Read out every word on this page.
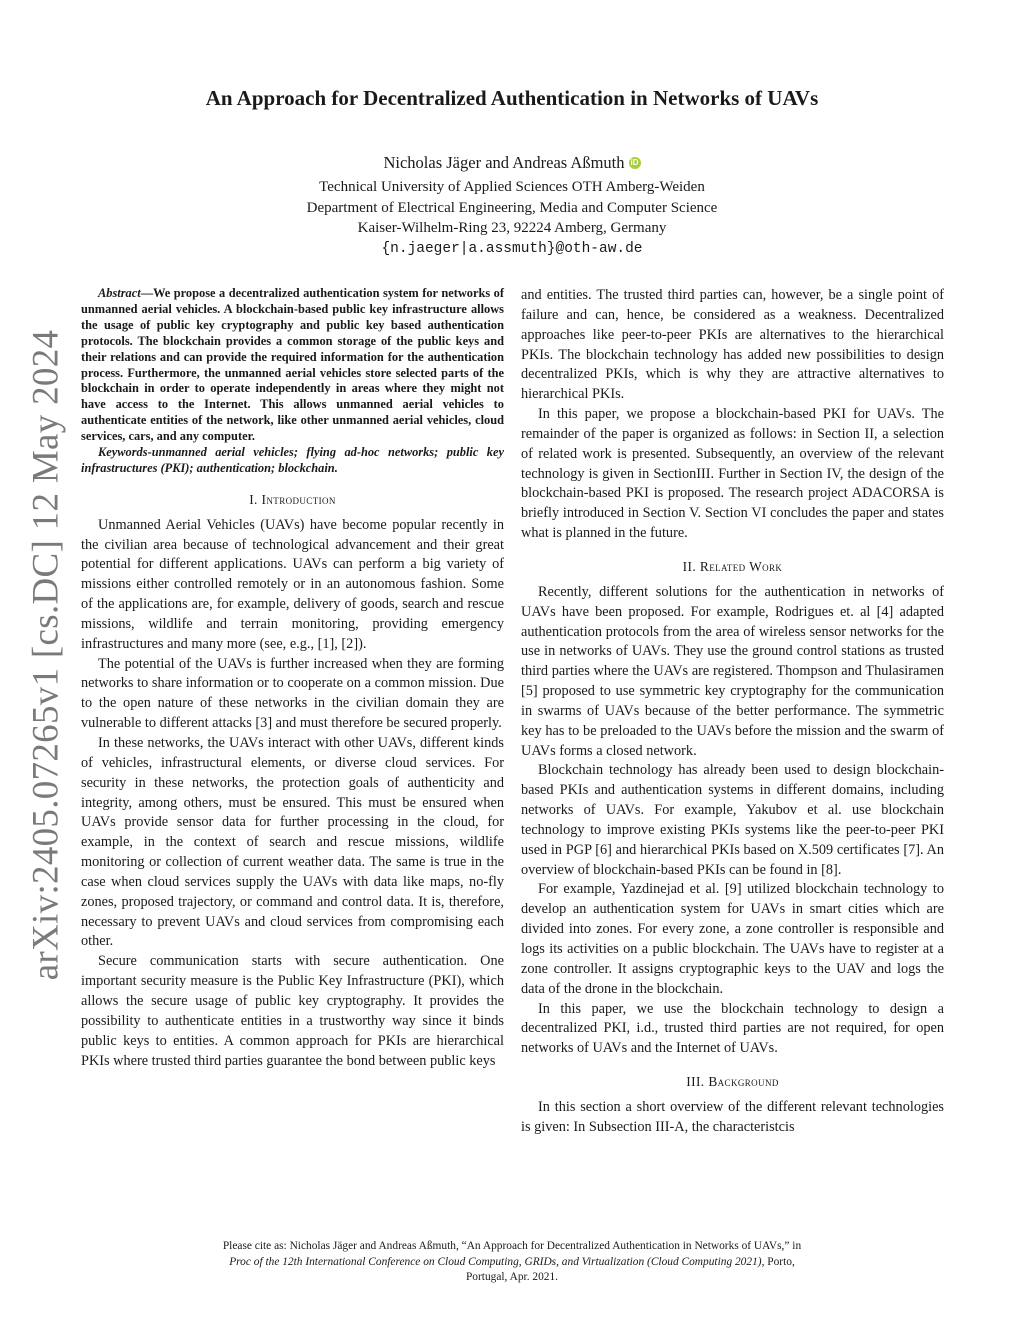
arXiv:2405.07265v1 [cs.DC] 12 May 2024
An Approach for Decentralized Authentication in Networks of UAVs
Nicholas Jäger and Andreas Aßmuth iD
Technical University of Applied Sciences OTH Amberg-Weiden
Department of Electrical Engineering, Media and Computer Science
Kaiser-Wilhelm-Ring 23, 92224 Amberg, Germany
{n.jaeger|a.assmuth}@oth-aw.de

Abstract—We propose a decentralized authentication system for networks of unmanned aerial vehicles. A blockchain-based public key infrastructure allows the usage of public key cryptography and public key based authentication protocols. The blockchain provides a common storage of the public keys and their relations and can provide the required information for the authentication process. Furthermore, the unmanned aerial vehicles store selected parts of the blockchain in order to operate independently in areas where they might not have access to the Internet. This allows unmanned aerial vehicles to authenticate entities of the network, like other unmanned aerial vehicles, cloud services, cars, and any computer.

Keywords-unmanned aerial vehicles; flying ad-hoc networks; public key infrastructures (PKI); authentication; blockchain.

I. Introduction

Unmanned Aerial Vehicles (UAVs) have become popular recently in the civilian area because of technological advancement and their great potential for different applications. UAVs can perform a big variety of missions either controlled remotely or in an autonomous fashion. Some of the applications are, for example, delivery of goods, search and rescue missions, wildlife and terrain monitoring, providing emergency infrastructures and many more (see, e.g., [1], [2]).

The potential of the UAVs is further increased when they are forming networks to share information or to cooperate on a common mission. Due to the open nature of these networks in the civilian domain they are vulnerable to different attacks [3] and must therefore be secured properly.

In these networks, the UAVs interact with other UAVs, different kinds of vehicles, infrastructural elements, or diverse cloud services. For security in these networks, the protection goals of authenticity and integrity, among others, must be ensured. This must be ensured when UAVs provide sensor data for further processing in the cloud, for example, in the context of search and rescue missions, wildlife monitoring or collection of current weather data. The same is true in the case when cloud services supply the UAVs with data like maps, no-fly zones, proposed trajectory, or command and control data. It is, therefore, necessary to prevent UAVs and cloud services from compromising each other.

Secure communication starts with secure authentication. One important security measure is the Public Key Infrastructure (PKI), which allows the secure usage of public key cryptography. It provides the possibility to authenticate entities in a trustworthy way since it binds public keys to entities. A common approach for PKIs are hierarchical PKIs where trusted third parties guarantee the bond between public keys

and entities. The trusted third parties can, however, be a single point of failure and can, hence, be considered as a weakness. Decentralized approaches like peer-to-peer PKIs are alternatives to the hierarchical PKIs. The blockchain technology has added new possibilities to design decentralized PKIs, which is why they are attractive alternatives to hierarchical PKIs.

In this paper, we propose a blockchain-based PKI for UAVs. The remainder of the paper is organized as follows: in Section II, a selection of related work is presented. Subsequently, an overview of the relevant technology is given in SectionIII. Further in Section IV, the design of the blockchain-based PKI is proposed. The research project ADACORSA is briefly introduced in Section V. Section VI concludes the paper and states what is planned in the future.

II. Related Work

Recently, different solutions for the authentication in networks of UAVs have been proposed. For example, Rodrigues et. al [4] adapted authentication protocols from the area of wireless sensor networks for the use in networks of UAVs. They use the ground control stations as trusted third parties where the UAVs are registered. Thompson and Thulasiramen [5] proposed to use symmetric key cryptography for the communication in swarms of UAVs because of the better performance. The symmetric key has to be preloaded to the UAVs before the mission and the swarm of UAVs forms a closed network.

Blockchain technology has already been used to design blockchain-based PKIs and authentication systems in different domains, including networks of UAVs. For example, Yakubov et al. use blockchain technology to improve existing PKIs systems like the peer-to-peer PKI used in PGP [6] and hierarchical PKIs based on X.509 certificates [7]. An overview of blockchain-based PKIs can be found in [8].

For example, Yazdinejad et al. [9] utilized blockchain technology to develop an authentication system for UAVs in smart cities which are divided into zones. For every zone, a zone controller is responsible and logs its activities on a public blockchain. The UAVs have to register at a zone controller. It assigns cryptographic keys to the UAV and logs the data of the drone in the blockchain.

In this paper, we use the blockchain technology to design a decentralized PKI, i.d., trusted third parties are not required, for open networks of UAVs and the Internet of UAVs.

III. Background

In this section a short overview of the different relevant technologies is given: In Subsection III-A, the characteristcis

Please cite as: Nicholas Jäger and Andreas Aßmuth, “An Approach for Decentralized Authentication in Networks of UAVs,” in
Proc of the 12th International Conference on Cloud Computing, GRIDs, and Virtualization (Cloud Computing 2021), Porto,
Portugal, Apr. 2021.
